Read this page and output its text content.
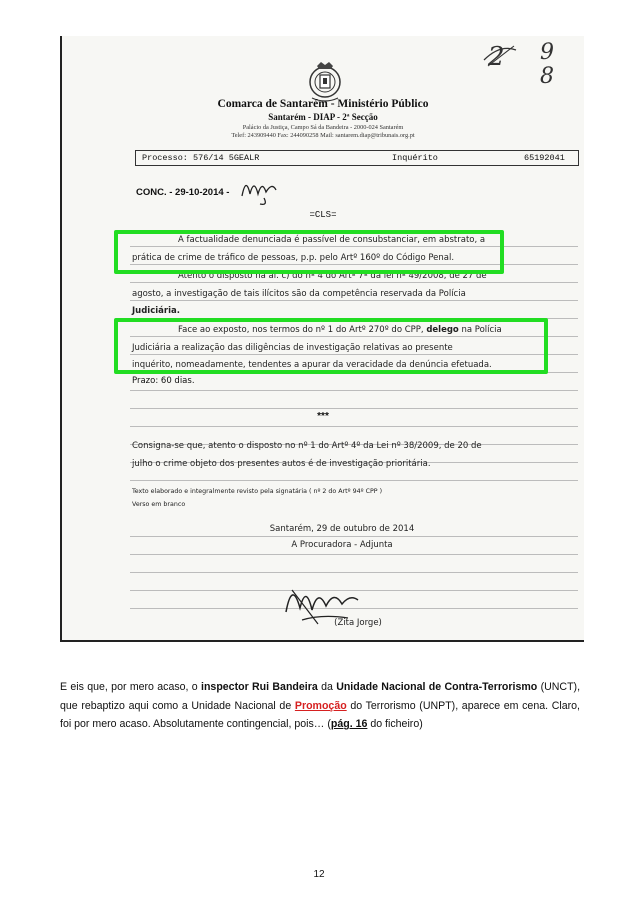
2 9
8
Comarca de Santarém - Ministério Público
Santarém - DIAP - 2ª Secção
Palácio da Justiça, Campo Sá da Bandeira - 2000-024 Santarém
Telef: 243909440 Fax: 244090258 Mail: santarem.diap@tribunais.org.pt
Processo: 576/14 5GEALR	Inquérito	65192041
CONC. - 29-10-2014 -
=CLS=
A factualidade denunciada é passível de consubstanciar, em abstrato, a
prática de crime de tráfico de pessoas, p.p. pelo Artº 160º do Código Penal.
Atento o disposto na al. c) do nº 4 do Artº 7º da lei nº 49/2008, de 27 de
agosto, a investigação de tais ilícitos são da competência reservada da Polícia
Judiciária.
Face ao exposto, nos termos do nº 1 do Artº 270º do CPP, delego na Polícia
Judiciária a realização das diligências de investigação relativas ao presente
inquérito, nomeadamente, tendentes a apurar da veracidade da denúncia efetuada.
Prazo: 60 dias.
***
Consigna-se que, atento o disposto no nº 1 do Artº 4º da Lei nº 38/2009, de 20 de
julho o crime objeto dos presentes autos é de investigação prioritária.
Texto elaborado e integralmente revisto pela signatária ( nº 2 do Artº 94º CPP )
Verso em branco
Santarém, 29 de outubro de 2014
A Procuradora - Adjunta
(Zita Jorge)
E eis que, por mero acaso, o inspector Rui Bandeira da Unidade Nacional de Contra-Terrorismo (UNCT), que rebaptizo aqui como a Unidade Nacional de Promoção do Terrorismo (UNPT), aparece em cena. Claro, foi por mero acaso. Absolutamente contingencial, pois… (pág. 16 do ficheiro)
12
